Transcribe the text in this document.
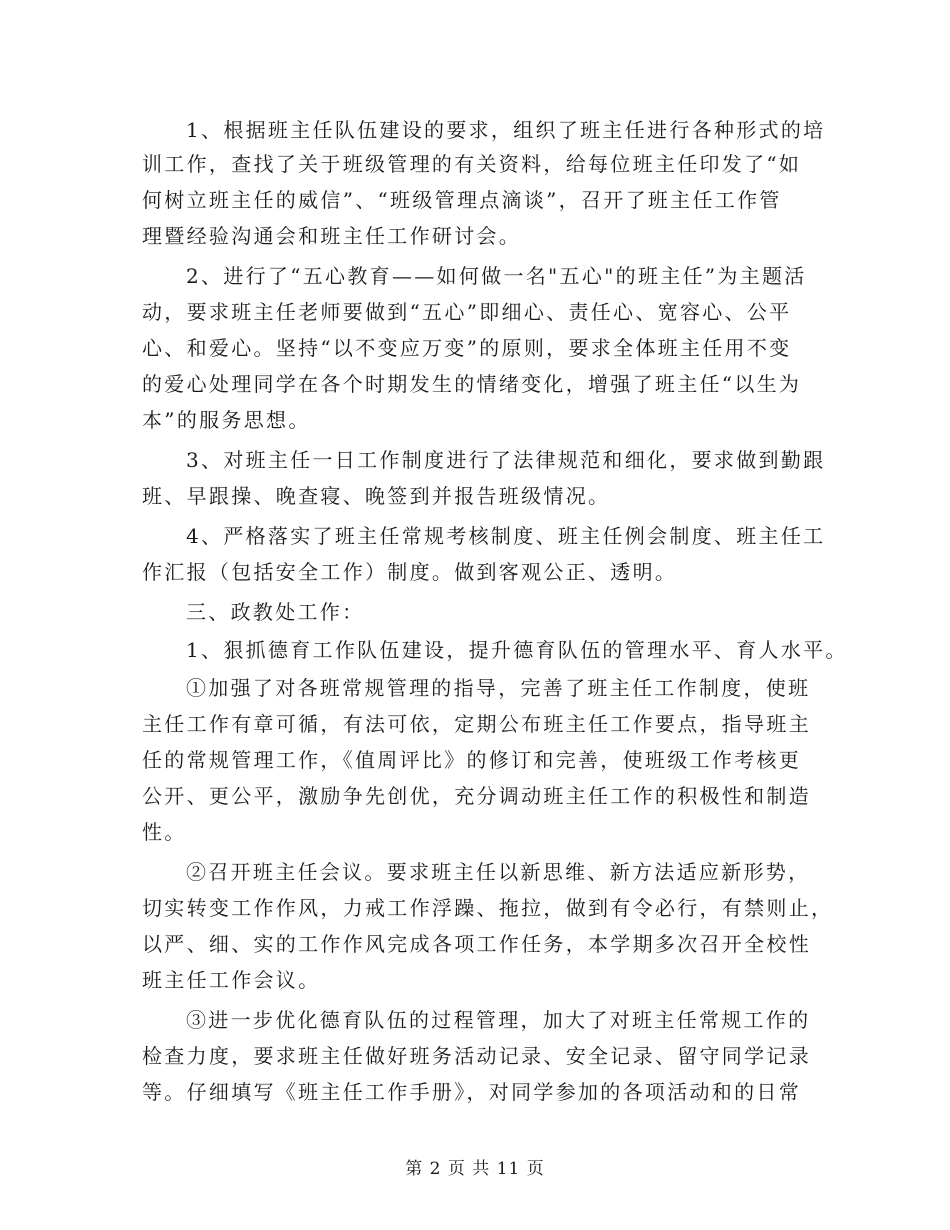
1、根据班主任队伍建设的要求，组织了班主任进行各种形式的培
训工作，查找了关于班级管理的有关资料，给每位班主任印发了“如
何树立班主任的威信”、“班级管理点滴谈”，召开了班主任工作管
理暨经验沟通会和班主任工作研讨会。
2、进行了“五心教育——如何做一名"五心"的班主任”为主题活
动，要求班主任老师要做到“五心”即细心、责任心、宽容心、公平
心、和爱心。坚持“以不变应万变”的原则，要求全体班主任用不变
的爱心处理同学在各个时期发生的情绪变化，增强了班主任“以生为
本”的服务思想。
3、对班主任一日工作制度进行了法律规范和细化，要求做到勤跟
班、早跟操、晚查寝、晚签到并报告班级情况。
4、严格落实了班主任常规考核制度、班主任例会制度、班主任工
作汇报（包括安全工作）制度。做到客观公正、透明。
三、政教处工作：
1、狠抓德育工作队伍建设，提升德育队伍的管理水平、育人水平。
①加强了对各班常规管理的指导，完善了班主任工作制度，使班
主任工作有章可循，有法可依，定期公布班主任工作要点，指导班主
任的常规管理工作，《值周评比》的修订和完善，使班级工作考核更
公开、更公平，激励争先创优，充分调动班主任工作的积极性和制造
性。
②召开班主任会议。要求班主任以新思维、新方法适应新形势，
切实转变工作作风，力戒工作浮躁、拖拉，做到有令必行，有禁则止，
以严、细、实的工作作风完成各项工作任务，本学期多次召开全校性
班主任工作会议。
③进一步优化德育队伍的过程管理，加大了对班主任常规工作的
检查力度，要求班主任做好班务活动记录、安全记录、留守同学记录
等。仔细填写《班主任工作手册》，对同学参加的各项活动和的日常
第 2 页 共 11 页
